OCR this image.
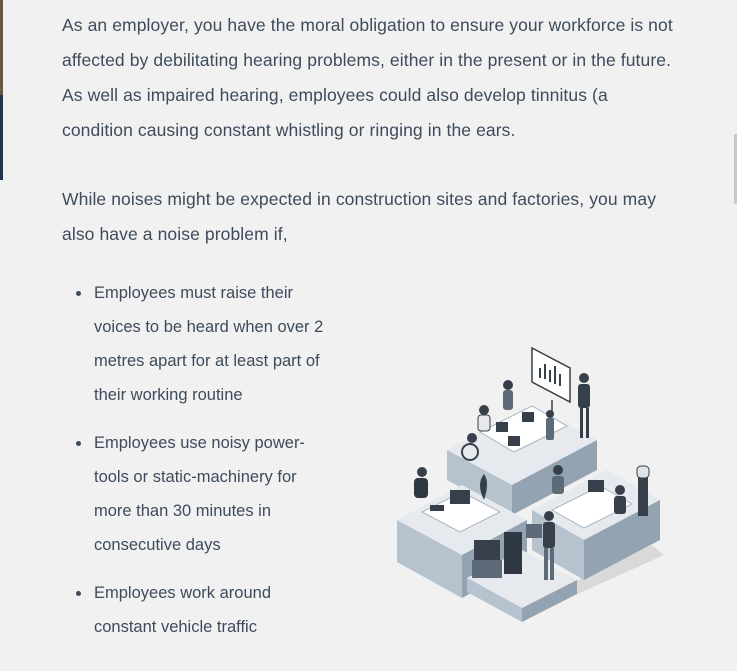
As an employer, you have the moral obligation to ensure your workforce is not affected by debilitating hearing problems, either in the present or in the future. As well as impaired hearing, employees could also develop tinnitus (a condition causing constant whistling or ringing in the ears.

While noises might be expected in construction sites and factories, you may also have a noise problem if,

Employees must raise their voices to be heard when over 2 metres apart for at least part of their working routine
Employees use noisy power-tools or static-machinery for more than 30 minutes in consecutive days
Employees work around constant vehicle traffic
